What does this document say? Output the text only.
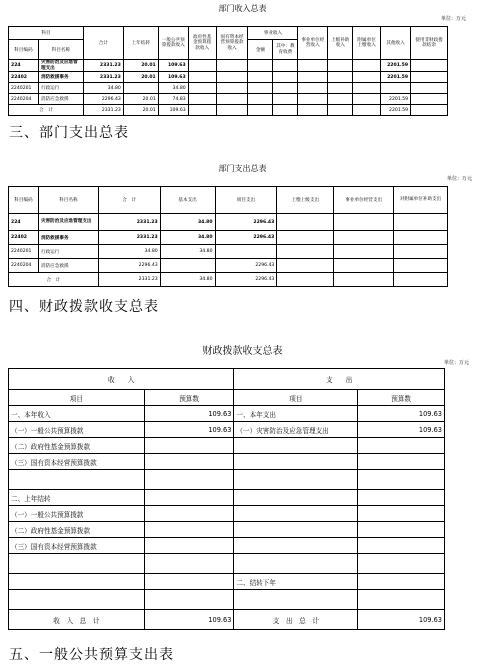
部门收入总表
单位：万元
科目		合计	上年结转	一般公共预算拨款收入	政府性基金预算拨款收入	国有资本经营预算拨款收入	事业收入		事业单位经营收入	上级补助收入	附属单位上缴收入	其他收入	使用非财政拨款结余
科目编码	科目名称						金额	其中：教育收费					
224	灾害防治及应急管理支出	2331.23	20.01	109.63								2201.59	
22402	消防救援事务	2331.23	20.01	109.63								2201.59	
2240201	行政运行	34.80		34.80									
2240204	消防应急救援	2296.43	20.01	74.83								2201.59	
合　计		2331.23	20.01	109.63								2201.59	
三、部门支出总表
部门支出总表
单位：万元
科目编码	科目名称	合　计	基本支出	项目支出	上缴上级支出	事业单位经营支出	对附属单位补助支出
224	灾害防治及应急管理支出	2331.23	34.80	2296.43			
22402	消防救援事务	2331.23	34.80	2296.43			
2240201	行政运行	34.80	34.80				
2240204	消防应急救援	2296.43		2296.43			
合　计		2331.23	34.80	2296.43			
四、财政拨款收支总表
财政拨款收支总表
单位：万元
收　　入		支　　出	
项目	预算数	项目	预算数
一、本年收入	109.63	一、本年支出	109.63
（一）一般公共预算拨款	109.63	（一）灾害防治及应急管理支出	109.63
（二）政府性基金预算拨款			
（三）国有资本经营预算拨款			

二、上年结转			
（一）一般公共预算拨款			
（二）政府性基金预算拨款			
（三）国有资本经营预算拨款			

		二、结转下年	

收　入　总　计	109.63	支　出　总　计	109.63
五、一般公共预算支出表
